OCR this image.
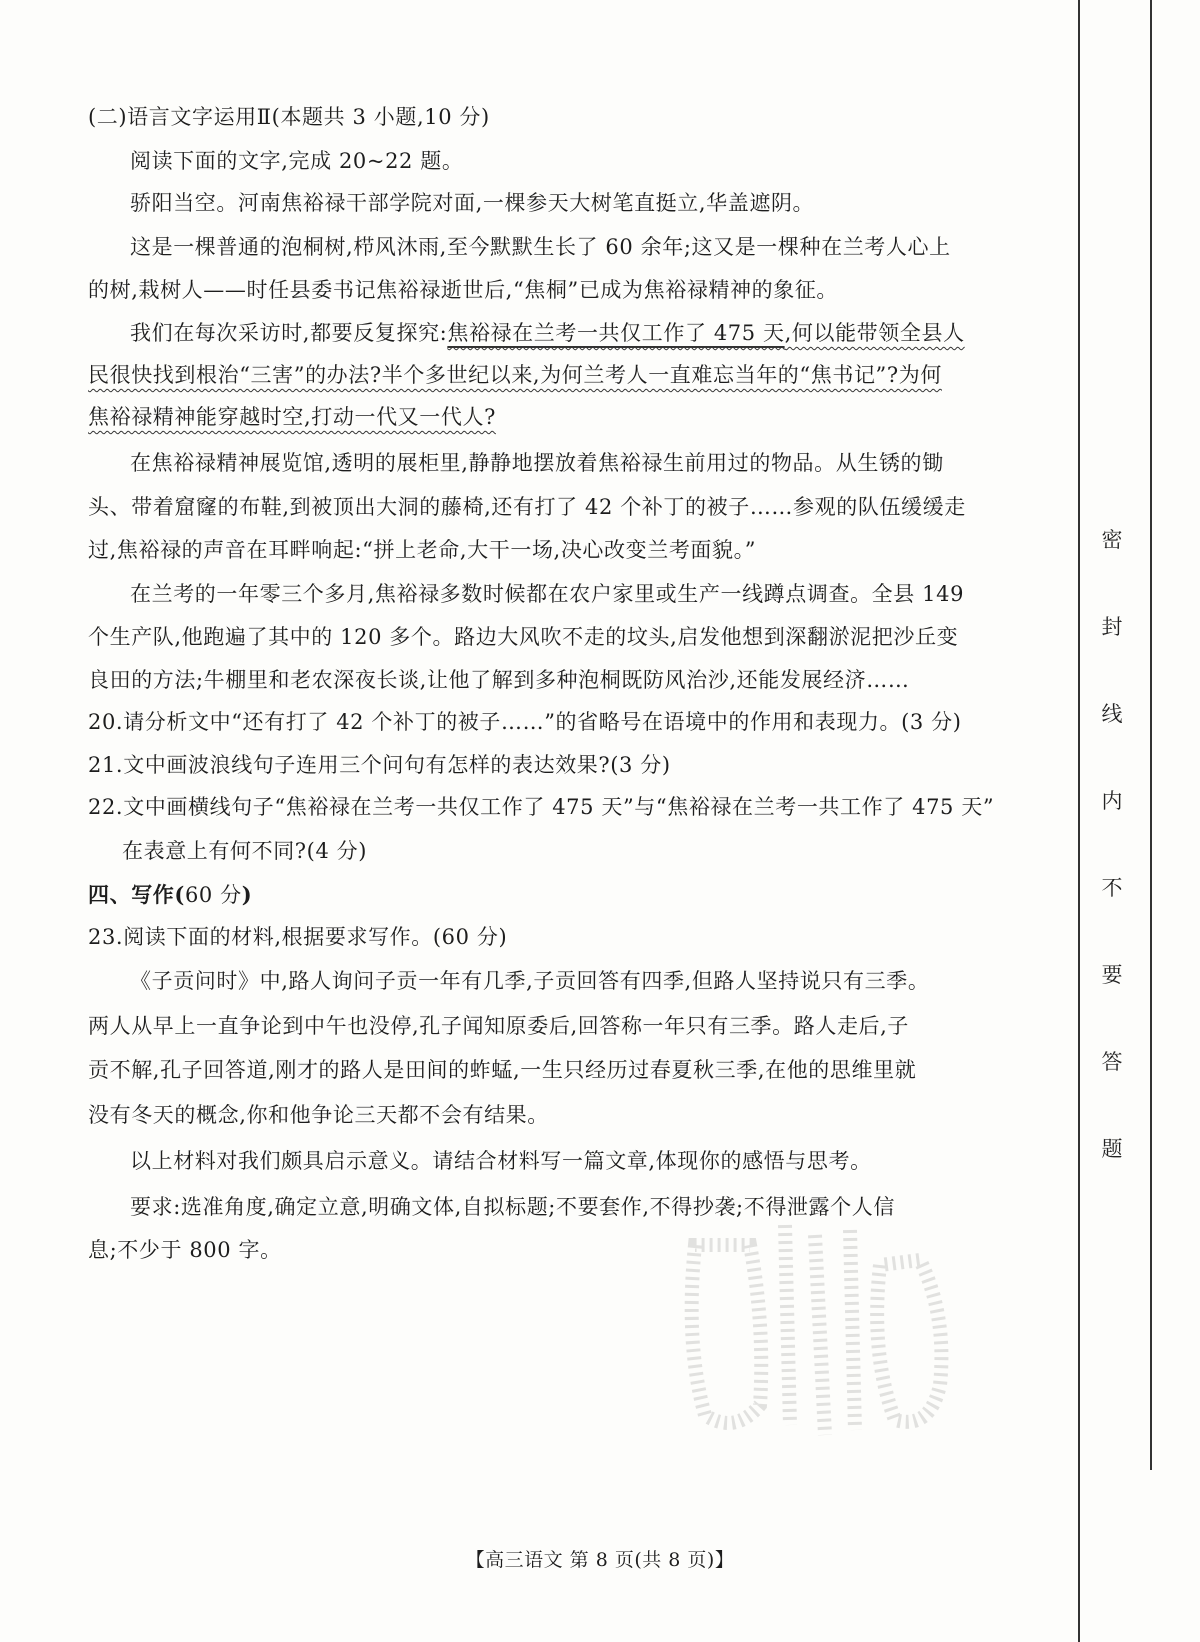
(二)语言文字运用Ⅱ(本题共 3 小题,10 分)
阅读下面的文字,完成 20~22 题。
骄阳当空。河南焦裕禄干部学院对面,一棵参天大树笔直挺立,华盖遮阴。
这是一棵普通的泡桐树,栉风沐雨,至今默默生长了 60 余年;这又是一棵种在兰考人心上
的树,栽树人——时任县委书记焦裕禄逝世后,“焦桐”已成为焦裕禄精神的象征。
我们在每次采访时,都要反复探究:焦裕禄在兰考一共仅工作了 475 天,何以能带领全县人
民很快找到根治“三害”的办法?半个多世纪以来,为何兰考人一直难忘当年的“焦书记”?为何
焦裕禄精神能穿越时空,打动一代又一代人?
在焦裕禄精神展览馆,透明的展柜里,静静地摆放着焦裕禄生前用过的物品。从生锈的锄
头、带着窟窿的布鞋,到被顶出大洞的藤椅,还有打了 42 个补丁的被子……参观的队伍缓缓走
过,焦裕禄的声音在耳畔响起:“拼上老命,大干一场,决心改变兰考面貌。”
在兰考的一年零三个多月,焦裕禄多数时候都在农户家里或生产一线蹲点调查。全县 149
个生产队,他跑遍了其中的 120 多个。路边大风吹不走的坟头,启发他想到深翻淤泥把沙丘变
良田的方法;牛棚里和老农深夜长谈,让他了解到多种泡桐既防风治沙,还能发展经济……
20.请分析文中“还有打了 42 个补丁的被子……”的省略号在语境中的作用和表现力。(3 分)
21.文中画波浪线句子连用三个问句有怎样的表达效果?(3 分)
22.文中画横线句子“焦裕禄在兰考一共仅工作了 475 天”与“焦裕禄在兰考一共工作了 475 天”
在表意上有何不同?(4 分)
四、写作(60 分)
23.阅读下面的材料,根据要求写作。(60 分)
《子贡问时》中,路人询问子贡一年有几季,子贡回答有四季,但路人坚持说只有三季。
两人从早上一直争论到中午也没停,孔子闻知原委后,回答称一年只有三季。路人走后,子
贡不解,孔子回答道,刚才的路人是田间的蚱蜢,一生只经历过春夏秋三季,在他的思维里就
没有冬天的概念,你和他争论三天都不会有结果。
以上材料对我们颇具启示意义。请结合材料写一篇文章,体现你的感悟与思考。
要求:选准角度,确定立意,明确文体,自拟标题;不要套作,不得抄袭;不得泄露个人信
息;不少于 800 字。
密
封
线
内
不
要
答
题
【高三语文 第 8 页(共 8 页)】
